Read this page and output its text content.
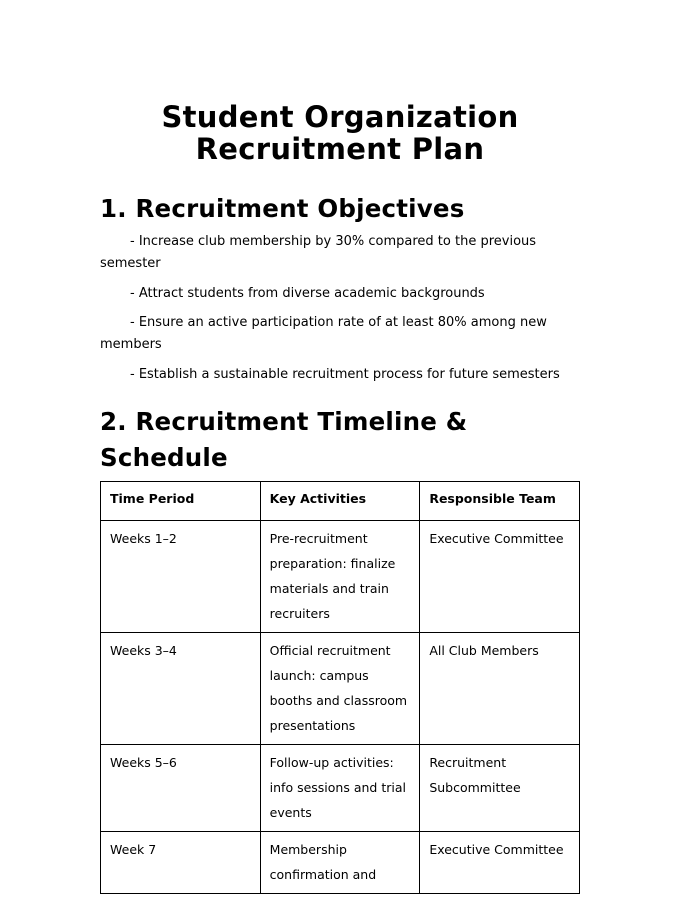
Student Organization
Recruitment Plan
1. Recruitment Objectives

- Increase club membership by 30% compared to the previous semester

- Attract students from diverse academic backgrounds

- Ensure an active participation rate of at least 80% among new members

- Establish a sustainable recruitment process for future semesters

2. Recruitment Timeline & Schedule
Time Period	Key Activities	Responsible Team
Weeks 1–2	Pre-recruitment preparation: finalize materials and train recruiters	Executive Committee
Weeks 3–4	Official recruitment launch: campus booths and classroom presentations	All Club Members
Weeks 5–6	Follow-up activities: info sessions and trial events	Recruitment Subcommittee
Week 7	Membership confirmation and	Executive Committee
